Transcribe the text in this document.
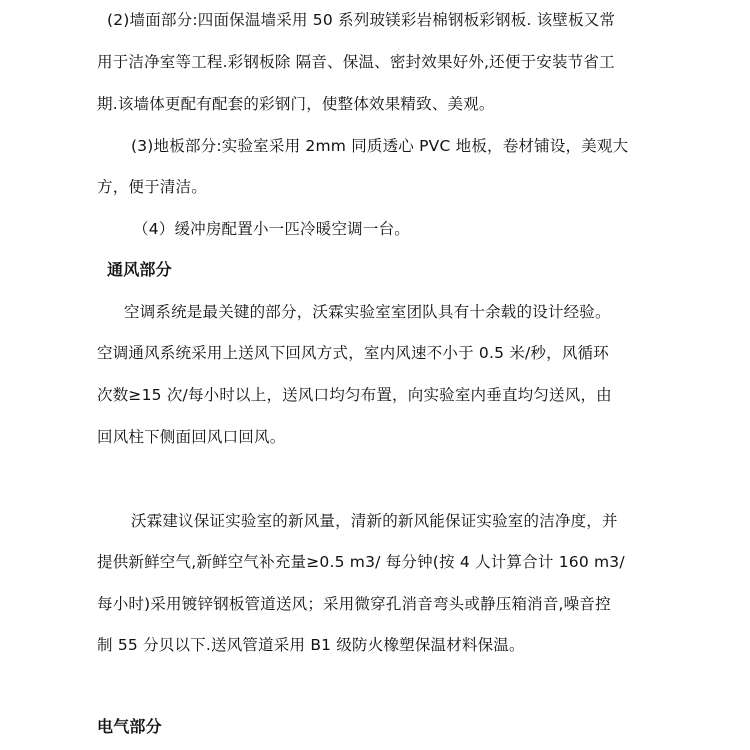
(2)墙面部分:四面保温墙采用 50 系列玻镁彩岩棉钢板彩钢板. 该壁板又常
用于洁净室等工程.彩钢板除 隔音、保温、密封效果好外,还便于安装节省工
期.该墙体更配有配套的彩钢门，使整体效果精致、美观。
(3)地板部分:实验室采用 2mm 同质透心 PVC 地板，卷材铺设，美观大
方，便于清洁。
（4）缓冲房配置小一匹冷暖空调一台。
通风部分
空调系统是最关键的部分，沃霖实验室室团队具有十余载的设计经验。
空调通风系统采用上送风下回风方式，室内风速不小于 0.5 米/秒，风循环
次数≥15 次/每小时以上，送风口均匀布置，向实验室内垂直均匀送风，由
回风柱下侧面回风口回风。
沃霖建议保证实验室的新风量，清新的新风能保证实验室的洁净度，并
提供新鲜空气,新鲜空气补充量≥0.5 m3/ 每分钟(按 4 人计算合计 160 m3/
每小时)采用镀锌钢板管道送风；采用微穿孔消音弯头或静压箱消音,噪音控
制 55 分贝以下.送风管道采用 B1 级防火橡塑保温材料保温。
电气部分
